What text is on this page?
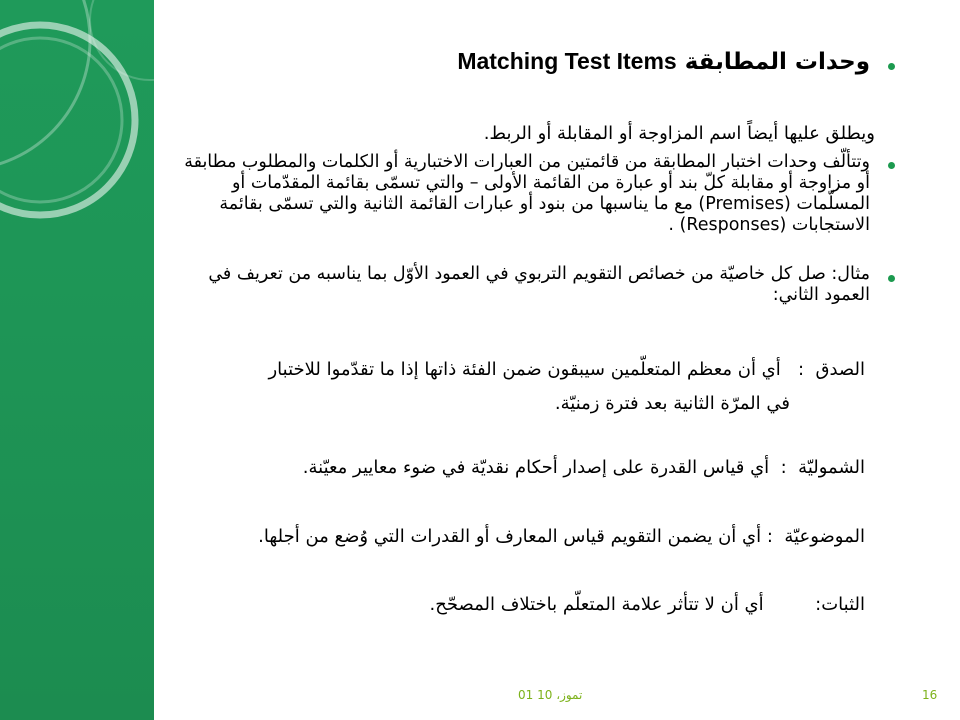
وحدات المطابقة Matching Test Items
ويطلق عليها أيضاً اسم المزاوجة أو المقابلة أو الربط.
وتتألّف وحدات اختبار المطابقة من قائمتين من العبارات الاختبارية أو الكلمات والمطلوب مطابقة أو مزاوجة أو مقابلة كلّ بند أو عبارة من القائمة الأولى – والتي تسمّى بقائمة المقدّمات أو المسلّمات (Premises) مع ما يناسبها من بنود أو عبارات القائمة الثانية والتي تسمّى بقائمة الاستجابات (Responses) .
مثال: صل كل خاصيّة من خصائص التقويم التربوي في العمود الأوّل بما يناسبه من تعريف في العمود الثاني:
الصدق  :   أي أن معظم المتعلّمين سيبقون ضمن الفئة ذاتها إذا ما تقدّموا للاختبار
في المرّة الثانية بعد فترة زمنيّة.
الشموليّة  :  أي قياس القدرة على إصدار أحكام نقديّة في ضوء معايير معيّنة.
الموضوعيّة  : أي أن يضمن التقويم قياس المعارف أو القدرات التي وُضع من أجلها.
الثبات:         أي أن لا تتأثر علامة المتعلّم باختلاف المصحّح.
01 تموز، 10	16
